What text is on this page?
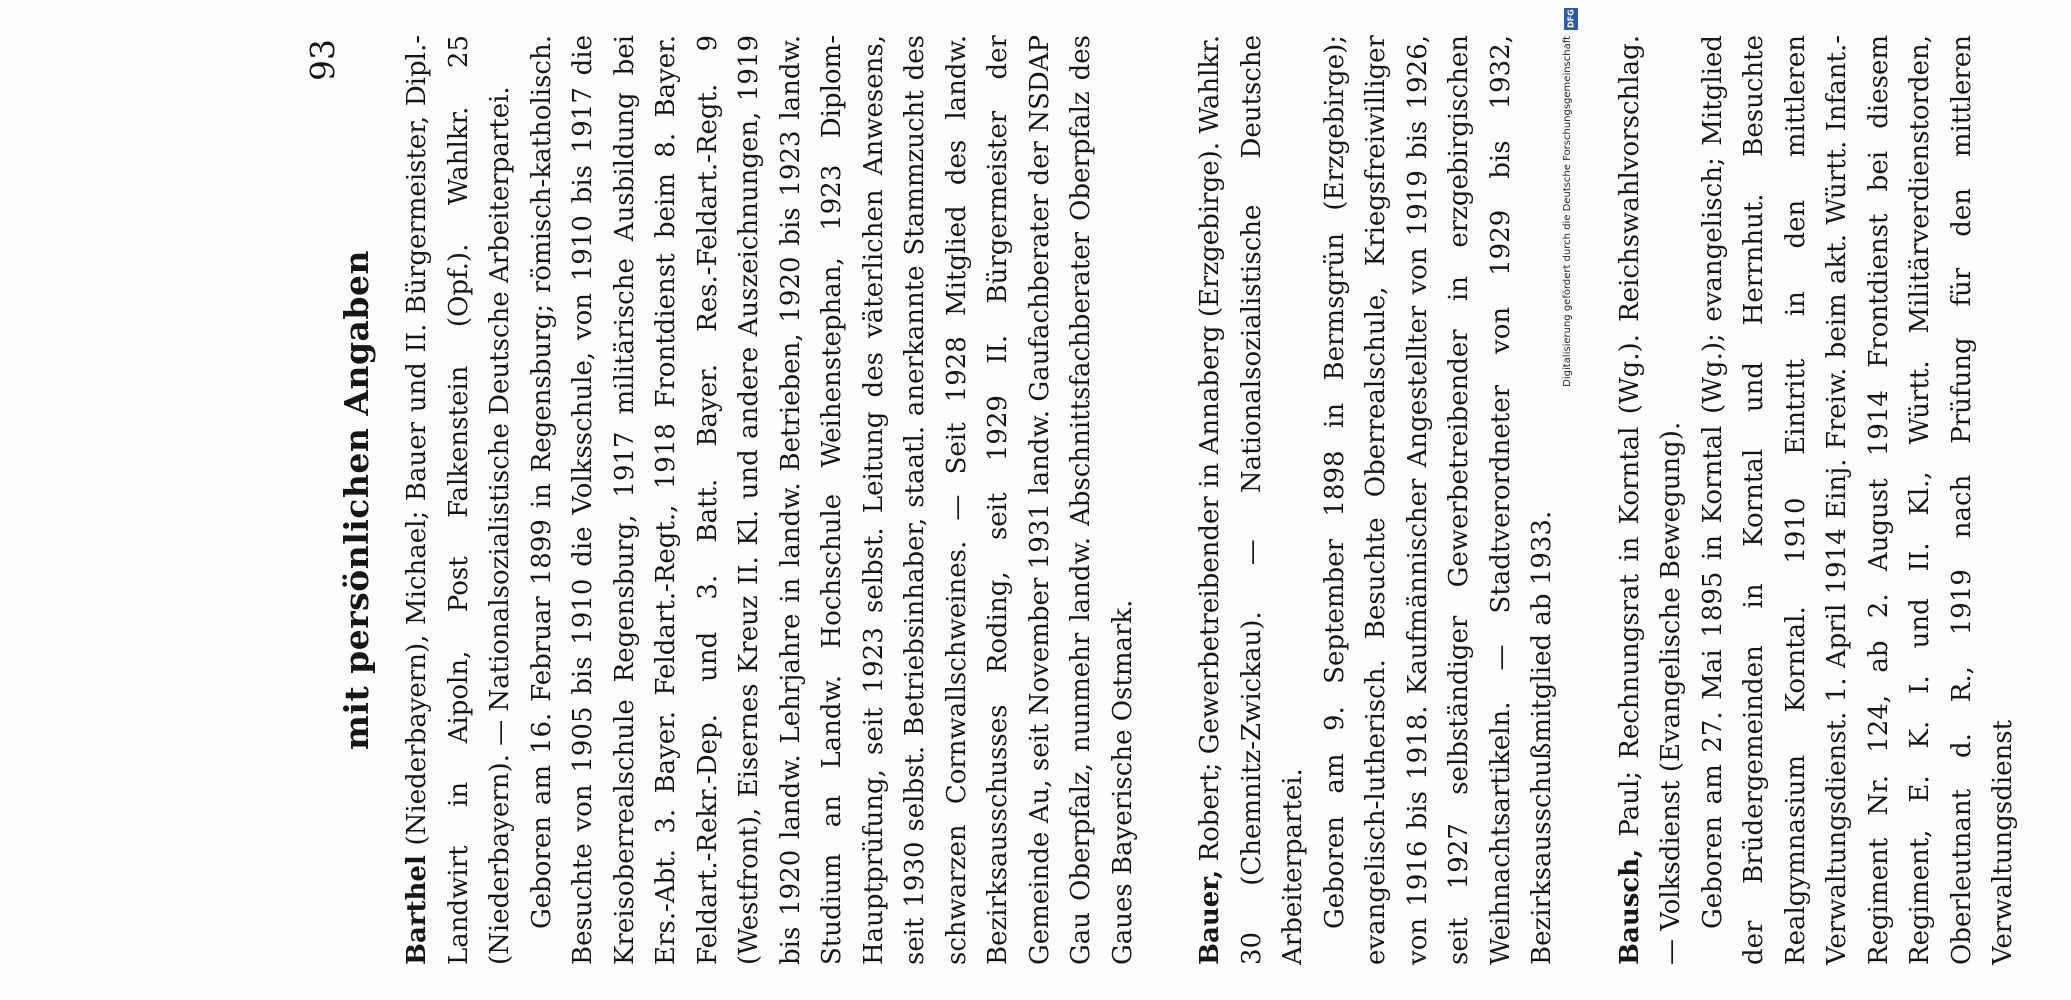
mit persönlichen Angaben
93

Barthel (Niederbayern), Michael; Bauer und II. Bürgermeister, Dipl.-Landwirt in Aipoln, Post Falkenstein (Opf.). Wahlkr. 25 (Niederbayern). — Nationalsozialistische Deutsche Arbeiterpartei. Geboren am 16. Februar 1899 in Regensburg; römisch-katholisch. Besuchte von 1905 bis 1910 die Volksschule, von 1910 bis 1917 die Kreisoberrealschule Regensburg, 1917 militärische Ausbildung bei Ers.-Abt. 3. Bayer. Feldart.-Regt., 1918 Frontdienst beim 8. Bayer. Feldart.-Rekr.-Dep. und 3. Batt. Bayer. Res.-Feldart.-Regt. 9 (Westfront), Eisernes Kreuz II. Kl. und andere Auszeichnungen, 1919 bis 1920 landw. Lehrjahre in landw. Betrieben, 1920 bis 1923 landw. Studium an Landw. Hochschule Weihenstephan, 1923 Diplom-Hauptprüfung, seit 1923 selbst. Leitung des väterlichen Anwesens, seit 1930 selbst. Betriebsinhaber, staatl. anerkannte Stammzucht des schwarzen Cornwallschweines. — Seit 1928 Mitglied des landw. Bezirksausschusses Roding, seit 1929 II. Bürgermeister der Gemeinde Au, seit November 1931 landw. Gaufachberater der NSDAP Gau Oberpfalz, nunmehr landw. Abschnittsfachberater Oberpfalz des Gaues Bayerische Ostmark. Bauer, Robert; Gewerbetreibender in Annaberg (Erzgebirge). Wahlkr. 30 (Chemnitz-Zwickau). — Nationalsozialistische Deutsche Arbeiterpartei. Geboren am 9. September 1898 in Bermsgrün (Erzgebirge); evangelisch-lutherisch. Besuchte Oberrealschule, Kriegsfreiwilliger von 1916 bis 1918. Kaufmännischer Angestellter von 1919 bis 1926, seit 1927 selbständiger Gewerbetreibender in erzgebirgischen Weihnachtsartikeln. — Stadtverordneter von 1929 bis 1932, Bezirksausschußmitglied ab 1933. Bausch, Paul; Rechnungsrat in Korntal (Wg.). Reichswahlvorschlag. — Volksdienst (Evangelische Bewegung). Geboren am 27. Mai 1895 in Korntal (Wg.); evangelisch; Mitglied der Brüdergemeinden in Korntal und Herrnhut. Besuchte Realgymnasium Korntal. 1910 Eintritt in den mittleren Verwaltungsdienst. 1. April 1914 Einj. Freiw. beim akt. Württ. Infant.-Regiment Nr. 124, ab 2. August 1914 Frontdienst bei diesem Regiment, E. K. I. und II. Kl., Württ. Militärverdienstorden, Oberleutnant d. R., 1919 nach Prüfung für den mittleren Verwaltungsdienst

DFG
Digitalisierung gefördert durch die Deutsche Forschungsgemeinschaft
